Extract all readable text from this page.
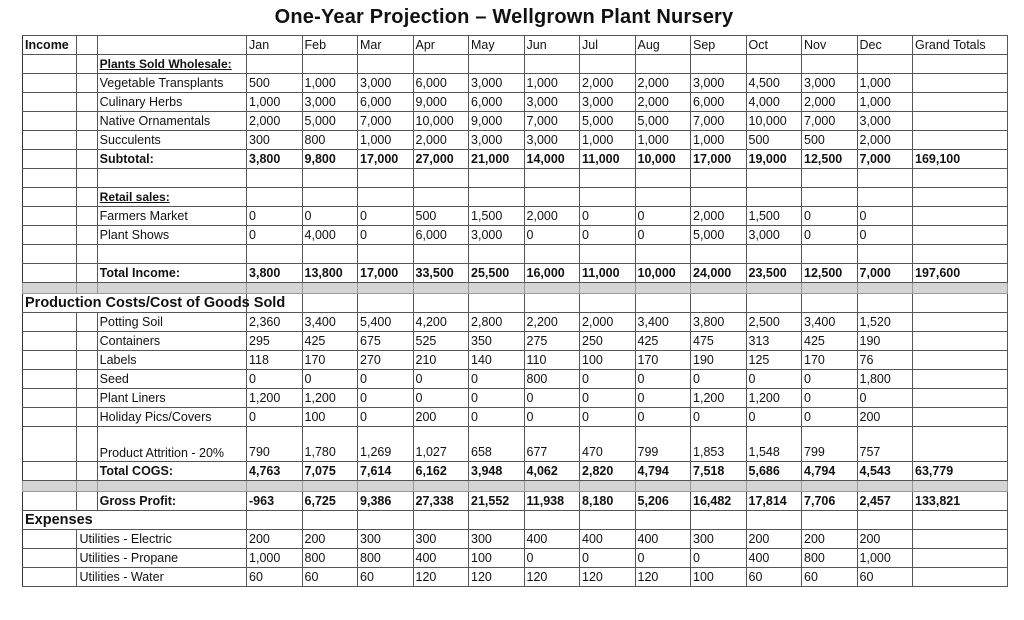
One-Year Projection – Wellgrown Plant Nursery
Income			Jan	Feb	Mar	Apr	May	Jun	Jul	Aug	Sep	Oct	Nov	Dec	Grand Totals
		Plants Sold Wholesale:													
		Vegetable Transplants	500	1,000	3,000	6,000	3,000	1,000	2,000	2,000	3,000	4,500	3,000	1,000	
		Culinary Herbs	1,000	3,000	6,000	9,000	6,000	3,000	3,000	2,000	6,000	4,000	2,000	1,000	
		Native Ornamentals	2,000	5,000	7,000	10,000	9,000	7,000	5,000	5,000	7,000	10,000	7,000	3,000	
		Succulents	300	800	1,000	2,000	3,000	3,000	1,000	1,000	1,000	500	500	2,000	
		Subtotal:	3,800	9,800	17,000	27,000	21,000	14,000	11,000	10,000	17,000	19,000	12,500	7,000	169,100

		Retail sales:													
		Farmers Market	0	0	0	500	1,500	2,000	0	0	2,000	1,500	0	0	
		Plant Shows	0	4,000	0	6,000	3,000	0	0	0	5,000	3,000	0	0	

		Total Income:	3,800	13,800	17,000	33,500	25,500	16,000	11,000	10,000	24,000	23,500	12,500	7,000	197,600

Production Costs/Cost of Goods Sold															
		Potting Soil	2,360	3,400	5,400	4,200	2,800	2,200	2,000	3,400	3,800	2,500	3,400	1,520	
		Containers	295	425	675	525	350	275	250	425	475	313	425	190	
		Labels	118	170	270	210	140	110	100	170	190	125	170	76	
		Seed	0	0	0	0	0	800	0	0	0	0	0	1,800	
		Plant Liners	1,200	1,200	0	0	0	0	0	0	1,200	1,200	0	0	
		Holiday Pics/Covers	0	100	0	200	0	0	0	0	0	0	0	200	
		Product Attrition - 20%	790	1,780	1,269	1,027	658	677	470	799	1,853	1,548	799	757	
		Total COGS:	4,763	7,075	7,614	6,162	3,948	4,062	2,820	4,794	7,518	5,686	4,794	4,543	63,779

		Gross Profit:	-963	6,725	9,386	27,338	21,552	11,938	8,180	5,206	16,482	17,814	7,706	2,457	133,821
Expenses															
	Utilities - Electric		200	200	300	300	300	400	400	400	300	200	200	200	
	Utilities - Propane		1,000	800	800	400	100	0	0	0	0	400	800	1,000	
	Utilities - Water		60	60	60	120	120	120	120	120	100	60	60	60	
